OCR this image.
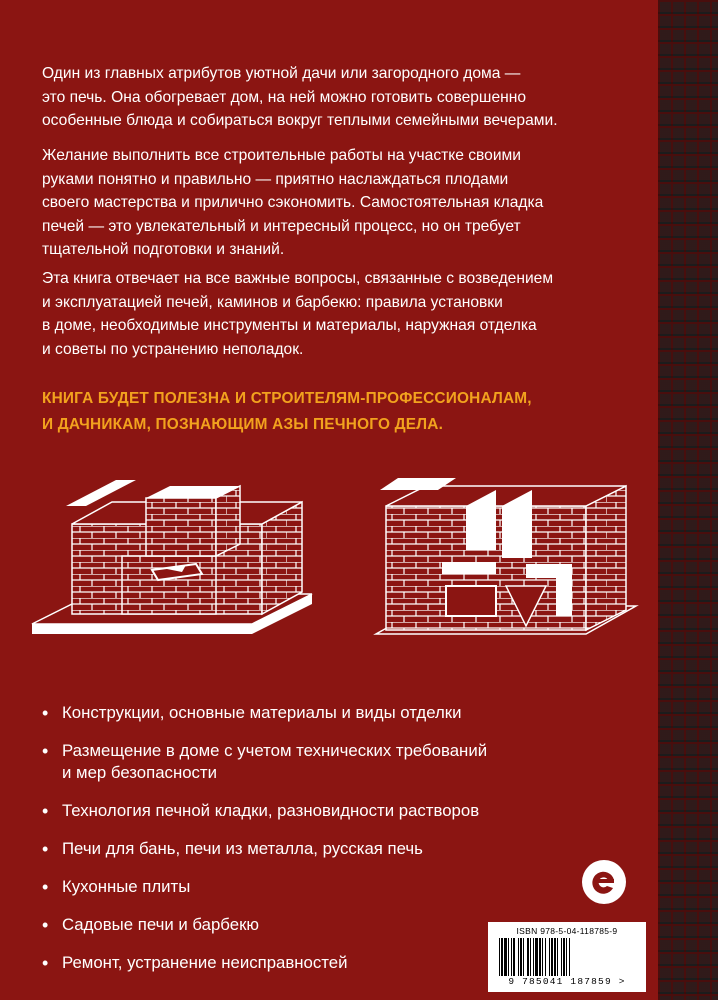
Один из главных атрибутов уютной дачи или загородного дома —
это печь. Она обогревает дом, на ней можно готовить совершенно
особенные блюда и собираться вокруг теплыми семейными вечерами.

Желание выполнить все строительные работы на участке своими
руками понятно и правильно — приятно наслаждаться плодами
своего мастерства и прилично сэкономить. Самостоятельная кладка
печей — это увлекательный и интересный процесс, но он требует
тщательной подготовки и знаний.

Эта книга отвечает на все важные вопросы, связанные с возведением
и эксплуатацией печей, каминов и барбекю: правила установки
в доме, необходимые инструменты и материалы, наружная отделка
и советы по устранению неполадок.

КНИГА БУДЕТ ПОЛЕЗНА И СТРОИТЕЛЯМ-ПРОФЕССИОНАЛАМ,
И ДАЧНИКАМ, ПОЗНАЮЩИМ АЗЫ ПЕЧНОГО ДЕЛА.

• Конструкции, основные материалы и виды отделки
• Размещение в доме с учетом технических требований
и мер безопасности
• Технология печной кладки, разновидности растворов
• Печи для бань, печи из металла, русская печь
• Кухонные плиты
• Садовые печи и барбекю
• Ремонт, устранение неисправностей
ISBN 978-5-04-118785-9
9 785041 187859 >
